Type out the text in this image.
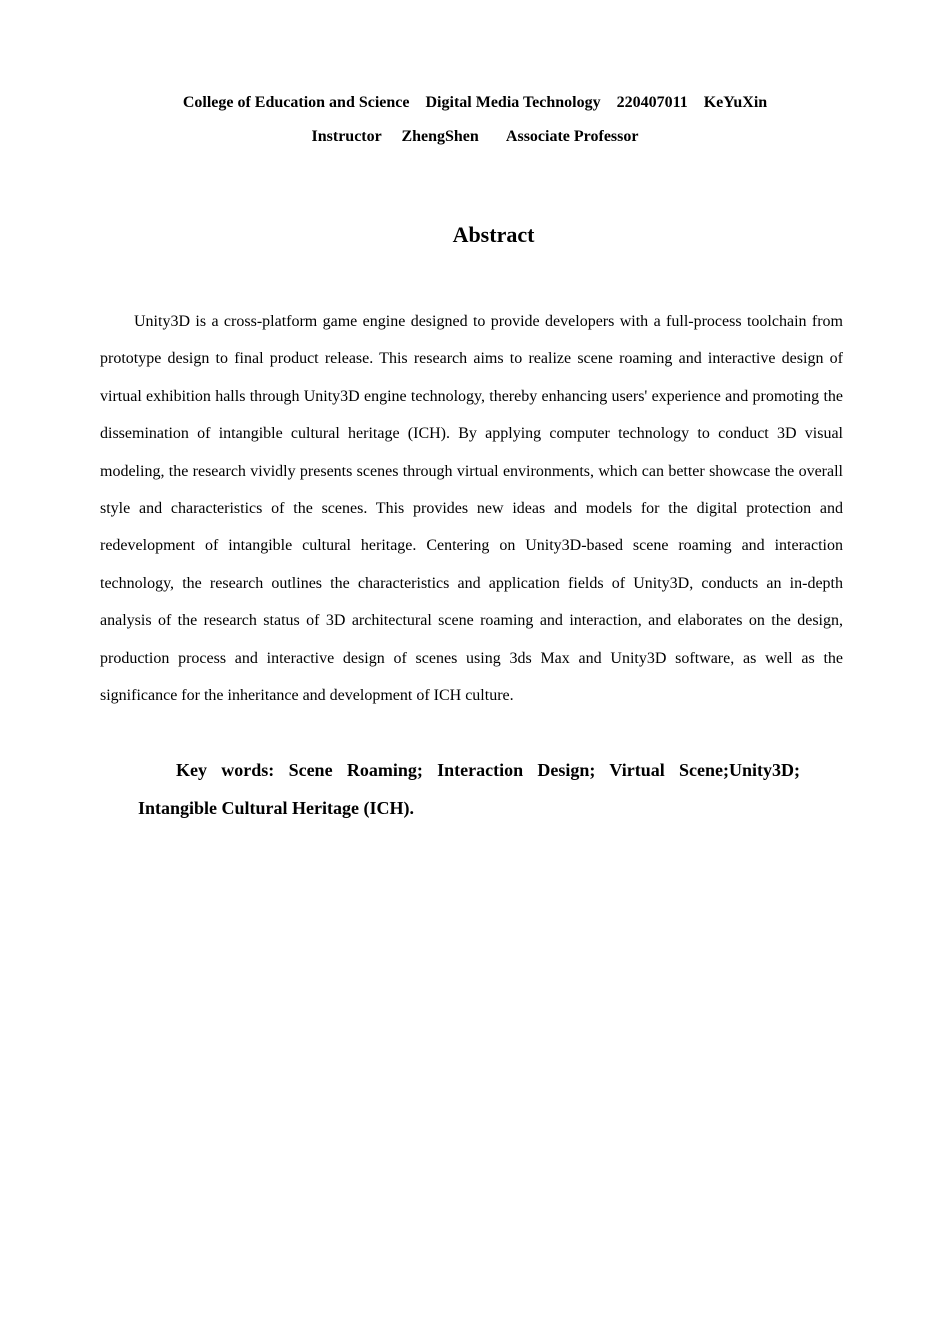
College of Education and Science    Digital Media Technology    220407011    KeYuXin
Instructor     ZhengShen       Associate Professor
Abstract

Unity3D is a cross-platform game engine designed to provide developers with a full-process toolchain from prototype design to final product release. This research aims to realize scene roaming and interactive design of virtual exhibition halls through Unity3D engine technology, thereby enhancing users' experience and promoting the dissemination of intangible cultural heritage (ICH). By applying computer technology to conduct 3D visual modeling, the research vividly presents scenes through virtual environments, which can better showcase the overall style and characteristics of the scenes. This provides new ideas and models for the digital protection and redevelopment of intangible cultural heritage. Centering on Unity3D-based scene roaming and interaction technology, the research outlines the characteristics and application fields of Unity3D, conducts an in-depth analysis of the research status of 3D architectural scene roaming and interaction, and elaborates on the design, production process and interactive design of scenes using 3ds Max and Unity3D software, as well as the significance for the inheritance and development of ICH culture.

Key words: Scene Roaming; Interaction Design; Virtual Scene;Unity3D; Intangible Cultural Heritage (ICH).
